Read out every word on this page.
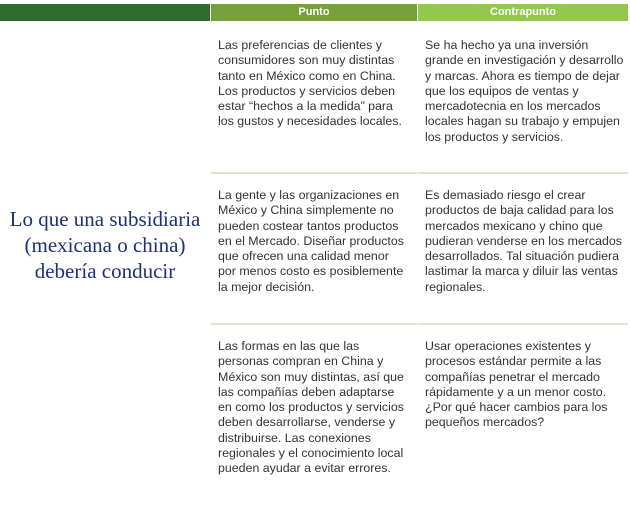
Punto	Contrapunto
Lo que una subsidiaria (mexicana o china) debería conducir
Las preferencias de clientes y consumidores son muy distintas tanto en México como en China. Los productos y servicios deben estar “hechos a la medida” para los gustos y necesidades locales.
Se ha hecho ya una inversión grande en investigación y desarrollo y marcas. Ahora es tiempo de dejar que los equipos de ventas y mercadotecnia en los mercados locales hagan su trabajo y empujen los productos y servicios.
La gente y las organizaciones en México y China simplemente no pueden costear tantos productos en el Mercado. Diseñar productos que ofrecen una calidad menor por menos costo es posiblemente la mejor decisión.
Es demasiado riesgo el crear productos de baja calidad para los mercados mexicano y chino que pudieran venderse en los mercados desarrollados. Tal situación pudiera lastimar la marca y diluir las ventas regionales.
Las formas en las que las personas compran en China y México son muy distintas, así que las compañías deben adaptarse en como los productos y servicios deben desarrollarse, venderse y distribuirse. Las conexiones regionales y el conocimiento local pueden ayudar a evitar errores.
Usar operaciones existentes y procesos estándar permite a las compañías penetrar el mercado rápidamente y a un menor costo. ¿Por qué hacer cambios para los pequeños mercados?
